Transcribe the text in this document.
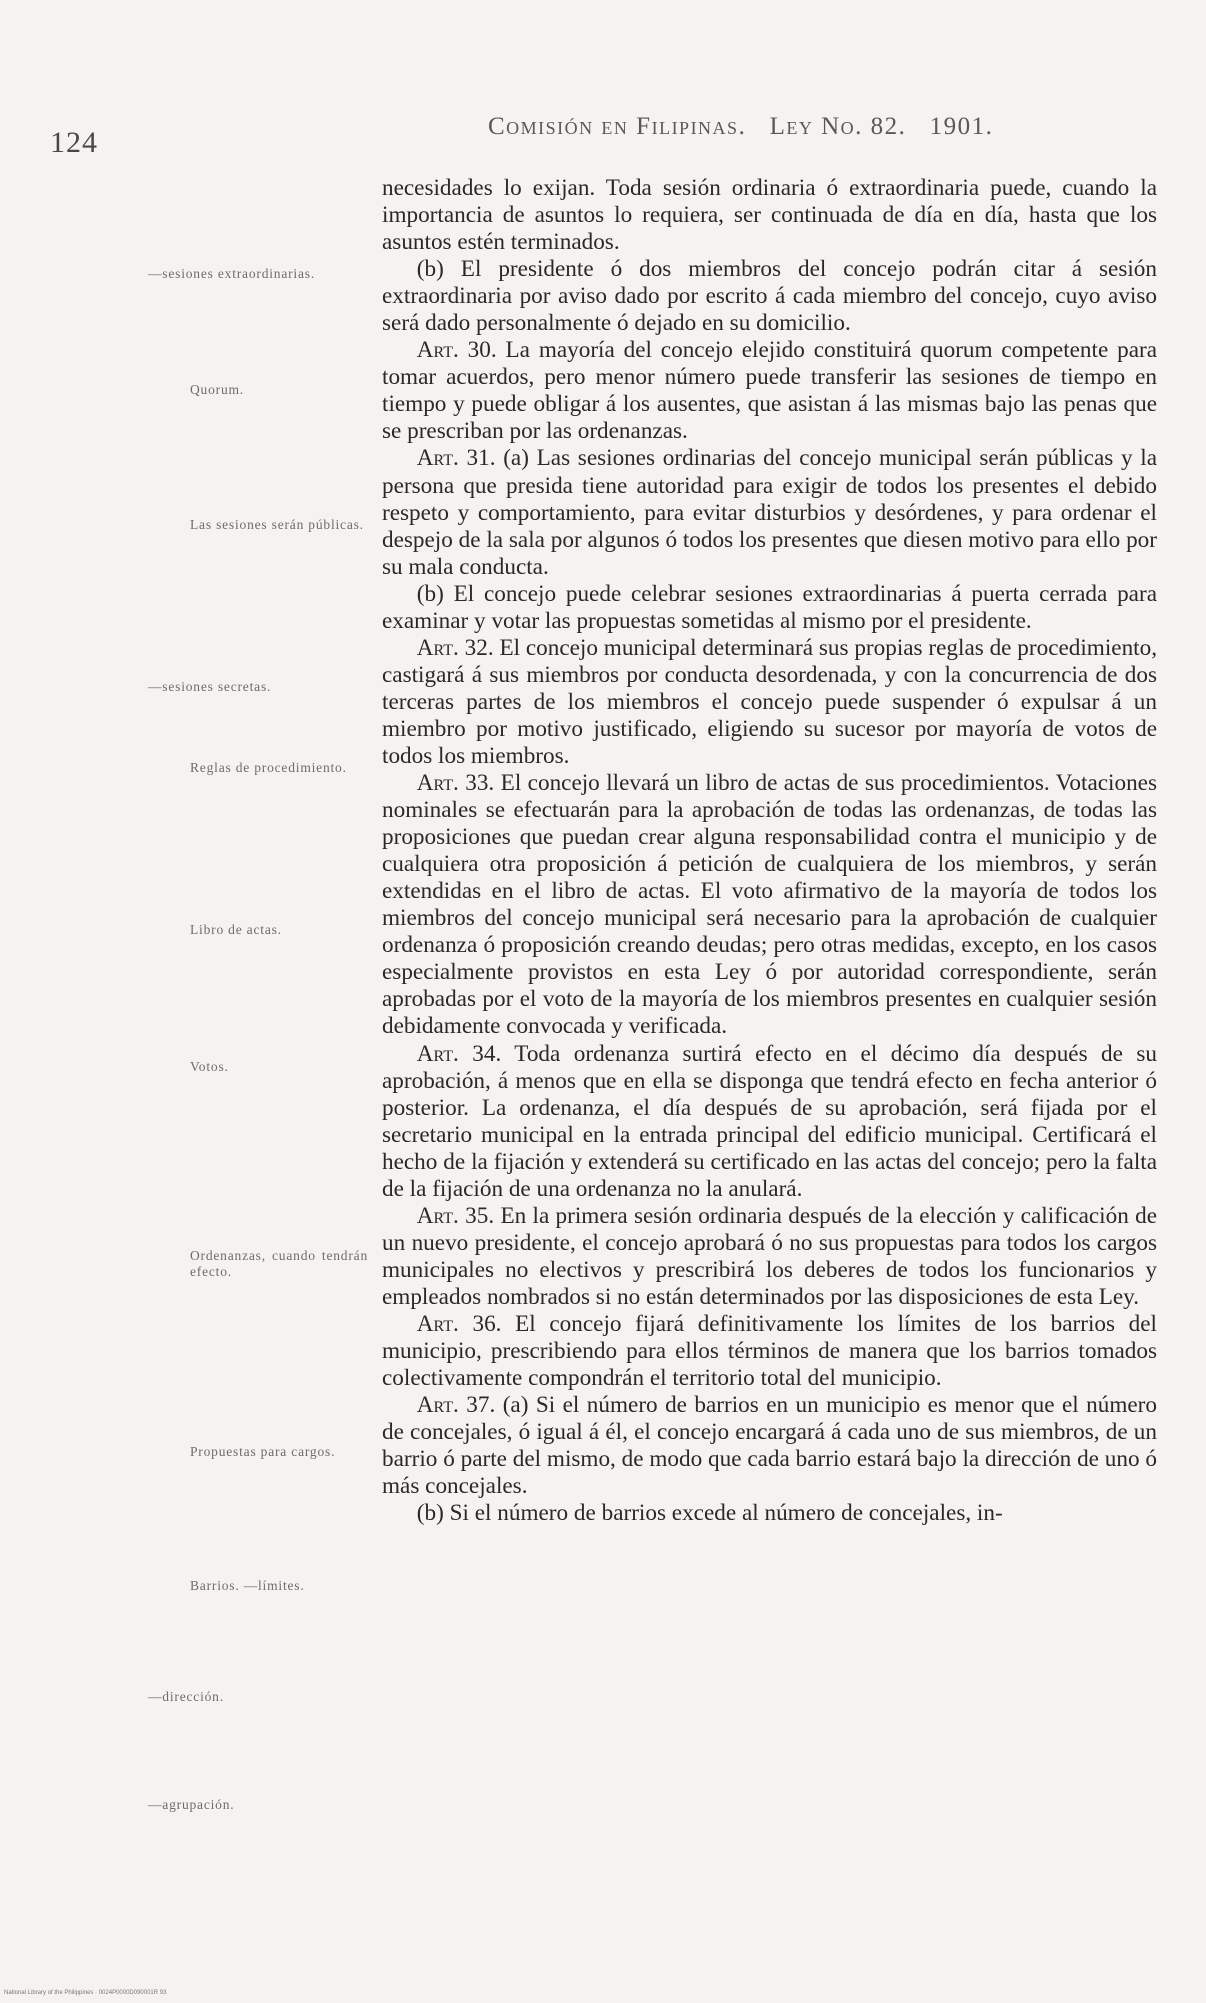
124	Comisión en Filipinas. Ley No. 82. 1901.
—sesiones extraordinarias.
Quorum.
Las sesiones serán públicas.
—sesiones secretas.
Reglas de procedimiento.
Libro de actas.
Votos.
Ordenanzas, cuando tendrán efecto.
Propuestas para cargos.
Barrios. —límites.
—dirección.
—agrupación.

necesidades lo exijan. Toda sesión ordinaria ó extraordinaria puede, cuando la importancia de asuntos lo requiera, ser continuada de día en día, hasta que los asuntos estén terminados.

(b) El presidente ó dos miembros del concejo podrán citar á sesión extraordinaria por aviso dado por escrito á cada miembro del concejo, cuyo aviso será dado personalmente ó dejado en su domicilio.

Art. 30. La mayoría del concejo elejido constituirá quorum competente para tomar acuerdos, pero menor número puede transferir las sesiones de tiempo en tiempo y puede obligar á los ausentes, que asistan á las mismas bajo las penas que se prescriban por las ordenanzas.

Art. 31. (a) Las sesiones ordinarias del concejo municipal serán públicas y la persona que presida tiene autoridad para exigir de todos los presentes el debido respeto y comportamiento, para evitar disturbios y desórdenes, y para ordenar el despejo de la sala por algunos ó todos los presentes que diesen motivo para ello por su mala conducta.

(b) El concejo puede celebrar sesiones extraordinarias á puerta cerrada para examinar y votar las propuestas sometidas al mismo por el presidente.

Art. 32. El concejo municipal determinará sus propias reglas de procedimiento, castigará á sus miembros por conducta desordenada, y con la concurrencia de dos terceras partes de los miembros el concejo puede suspender ó expulsar á un miembro por motivo justificado, eligiendo su sucesor por mayoría de votos de todos los miembros.

Art. 33. El concejo llevará un libro de actas de sus procedimientos. Votaciones nominales se efectuarán para la aprobación de todas las ordenanzas, de todas las proposiciones que puedan crear alguna responsabilidad contra el municipio y de cualquiera otra proposición á petición de cualquiera de los miembros, y serán extendidas en el libro de actas. El voto afirmativo de la mayoría de todos los miembros del concejo municipal será necesario para la aprobación de cualquier ordenanza ó proposición creando deudas; pero otras medidas, excepto, en los casos especialmente provistos en esta Ley ó por autoridad correspondiente, serán aprobadas por el voto de la mayoría de los miembros presentes en cualquier sesión debidamente convocada y verificada.

Art. 34. Toda ordenanza surtirá efecto en el décimo día después de su aprobación, á menos que en ella se disponga que tendrá efecto en fecha anterior ó posterior. La ordenanza, el día después de su aprobación, será fijada por el secretario municipal en la entrada principal del edificio municipal. Certificará el hecho de la fijación y extenderá su certificado en las actas del concejo; pero la falta de la fijación de una ordenanza no la anulará.

Art. 35. En la primera sesión ordinaria después de la elección y calificación de un nuevo presidente, el concejo aprobará ó no sus propuestas para todos los cargos municipales no electivos y prescribirá los deberes de todos los funcionarios y empleados nombrados si no están determinados por las disposiciones de esta Ley.

Art. 36. El concejo fijará definitivamente los límites de los barrios del municipio, prescribiendo para ellos términos de manera que los barrios tomados colectivamente compondrán el territorio total del municipio.

Art. 37. (a) Si el número de barrios en un municipio es menor que el número de concejales, ó igual á él, el concejo encargará á cada uno de sus miembros, de un barrio ó parte del mismo, de modo que cada barrio estará bajo la dirección de uno ó más concejales.

(b) Si el número de barrios excede al número de concejales, in-

National Library of the Philippines · 0024P0000D090001R 93
